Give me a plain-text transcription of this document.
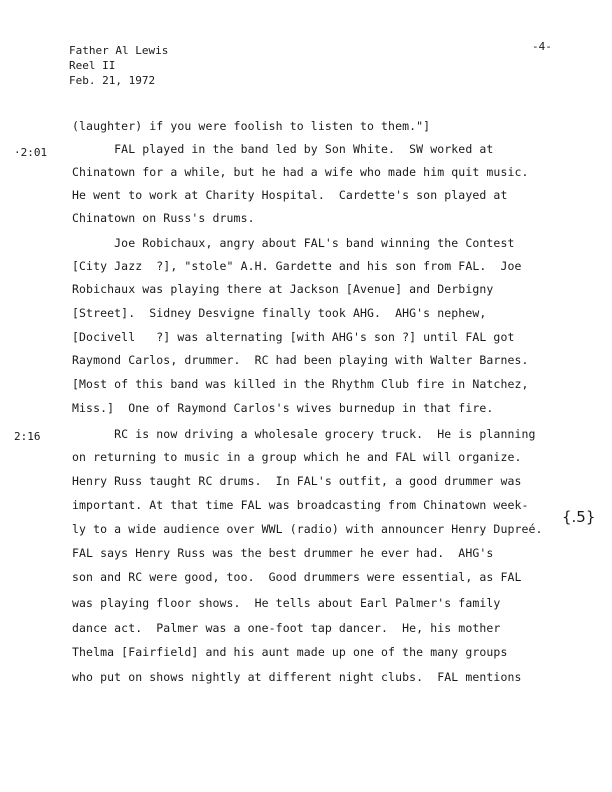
Father Al Lewis
Reel II
Feb. 21, 1972
-4-
·2:01
2:16
(laughter) if you were foolish to listen to them."]
FAL played in the band led by Son White.  SW worked at
Chinatown for a while, but he had a wife who made him quit music.
He went to work at Charity Hospital.  Cardette's son played at
Chinatown on Russ's drums.
Joe Robichaux, angry about FAL's band winning the Contest
[City Jazz  ?], "stole" A.H. Gardette and his son from FAL.  Joe
Robichaux was playing there at Jackson [Avenue] and Derbigny
[Street].  Sidney Desvigne finally took AHG.  AHG's nephew,
[Docivell   ?] was alternating [with AHG's son ?] until FAL got
Raymond Carlos, drummer.  RC had been playing with Walter Barnes.
[Most of this band was killed in the Rhythm Club fire in Natchez,
Miss.]  One of Raymond Carlos's wives burnedup in that fire.
RC is now driving a wholesale grocery truck.  He is planning
on returning to music in a group which he and FAL will organize.
Henry Russ taught RC drums.  In FAL's outfit, a good drummer was
important. At that time FAL was broadcasting from Chinatown week-
ly to a wide audience over WWL (radio) with announcer Henry Dupreé.
FAL says Henry Russ was the best drummer he ever had.  AHG's
son and RC were good, too.  Good drummers were essential, as FAL
was playing floor shows.  He tells about Earl Palmer's family
dance act.  Palmer was a one-foot tap dancer.  He, his mother
Thelma [Fairfield] and his aunt made up one of the many groups
who put on shows nightly at different night clubs.  FAL mentions
{.5}
